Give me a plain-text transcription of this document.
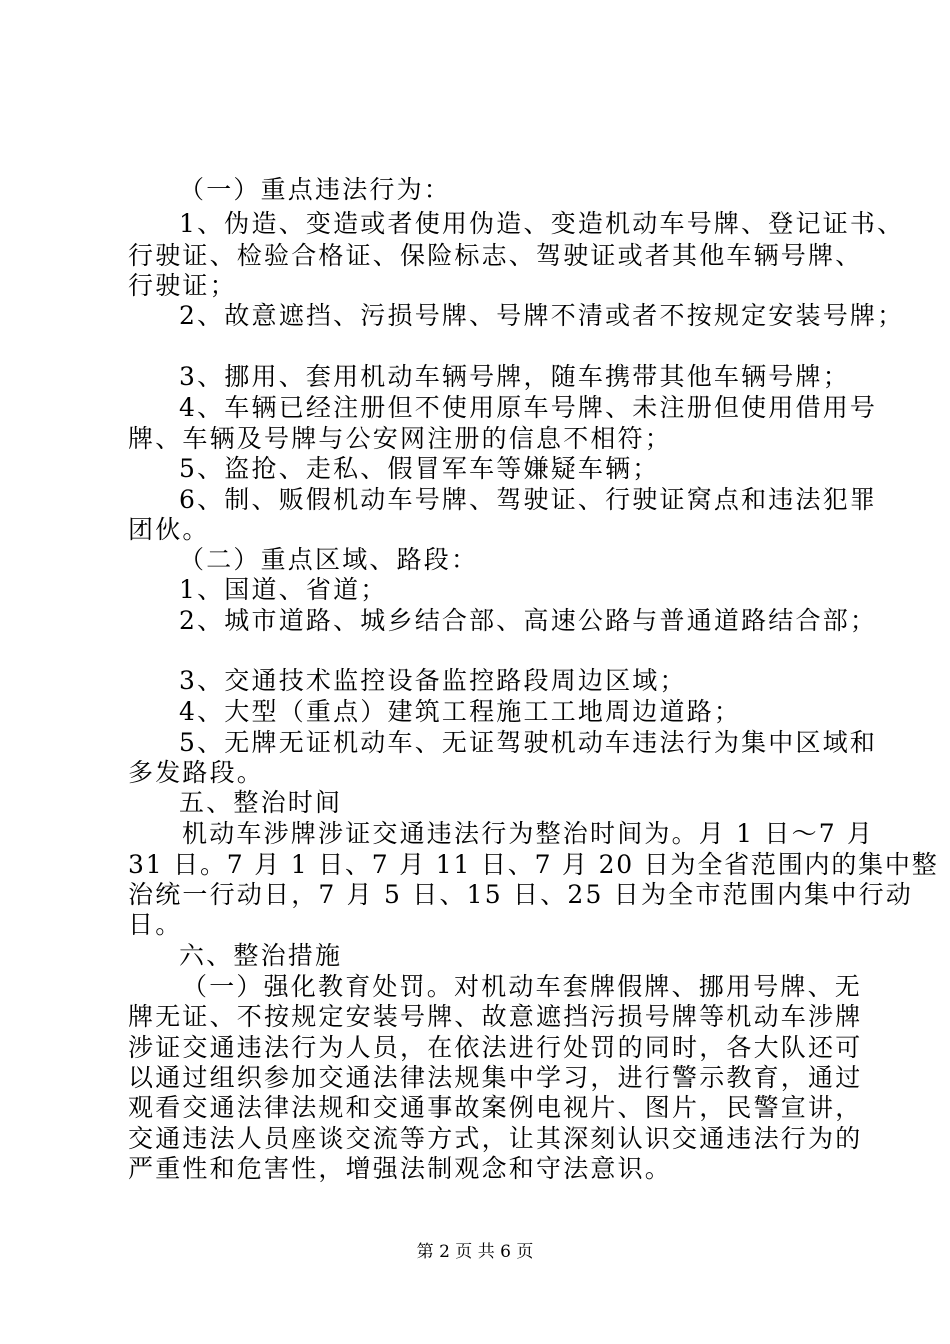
（一）重点违法行为：
1、伪造、变造或者使用伪造、变造机动车号牌、登记证书、
行驶证、检验合格证、保险标志、驾驶证或者其他车辆号牌、
行驶证；
2、故意遮挡、污损号牌、号牌不清或者不按规定安装号牌；
3、挪用、套用机动车辆号牌，随车携带其他车辆号牌；
4、车辆已经注册但不使用原车号牌、未注册但使用借用号
牌、车辆及号牌与公安网注册的信息不相符；
5、盗抢、走私、假冒军车等嫌疑车辆；
6、制、贩假机动车号牌、驾驶证、行驶证窝点和违法犯罪
团伙。
（二）重点区域、路段：
1、国道、省道；
2、城市道路、城乡结合部、高速公路与普通道路结合部；
3、交通技术监控设备监控路段周边区域；
4、大型（重点）建筑工程施工工地周边道路；
5、无牌无证机动车、无证驾驶机动车违法行为集中区域和
多发路段。
五、整治时间
机动车涉牌涉证交通违法行为整治时间为。月 1 日～7 月
31 日。7 月 1 日、7 月 11 日、7 月 20 日为全省范围内的集中整
治统一行动日，7 月 5 日、15 日、25 日为全市范围内集中行动
日。
六、整治措施
（一）强化教育处罚。对机动车套牌假牌、挪用号牌、无
牌无证、不按规定安装号牌、故意遮挡污损号牌等机动车涉牌
涉证交通违法行为人员，在依法进行处罚的同时，各大队还可
以通过组织参加交通法律法规集中学习，进行警示教育，通过
观看交通法律法规和交通事故案例电视片、图片，民警宣讲，
交通违法人员座谈交流等方式，让其深刻认识交通违法行为的
严重性和危害性，增强法制观念和守法意识。
第 2 页 共 6 页
